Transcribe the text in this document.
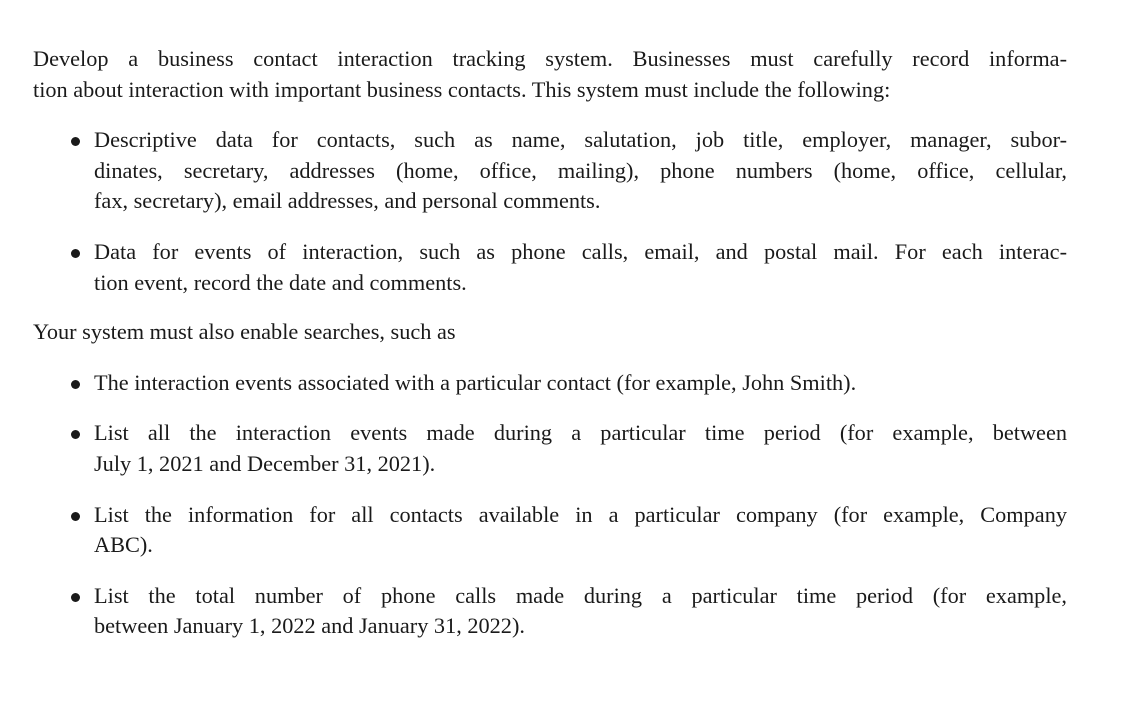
Develop a business contact interaction tracking system. Businesses must carefully record informa-
tion about interaction with important business contacts. This system must include the following:

Descriptive data for contacts, such as name, salutation, job title, employer, manager, subor-
dinates, secretary, addresses (home, office, mailing), phone numbers (home, office, cellular,
fax, secretary), email addresses, and personal comments.
Data for events of interaction, such as phone calls, email, and postal mail. For each interac-
tion event, record the date and comments.

Your system must also enable searches, such as

The interaction events associated with a particular contact (for example, John Smith).
List all the interaction events made during a particular time period (for example, between
July 1, 2021 and December 31, 2021).
List the information for all contacts available in a particular company (for example, Company
ABC).
List the total number of phone calls made during a particular time period (for example,
between January 1, 2022 and January 31, 2022).
